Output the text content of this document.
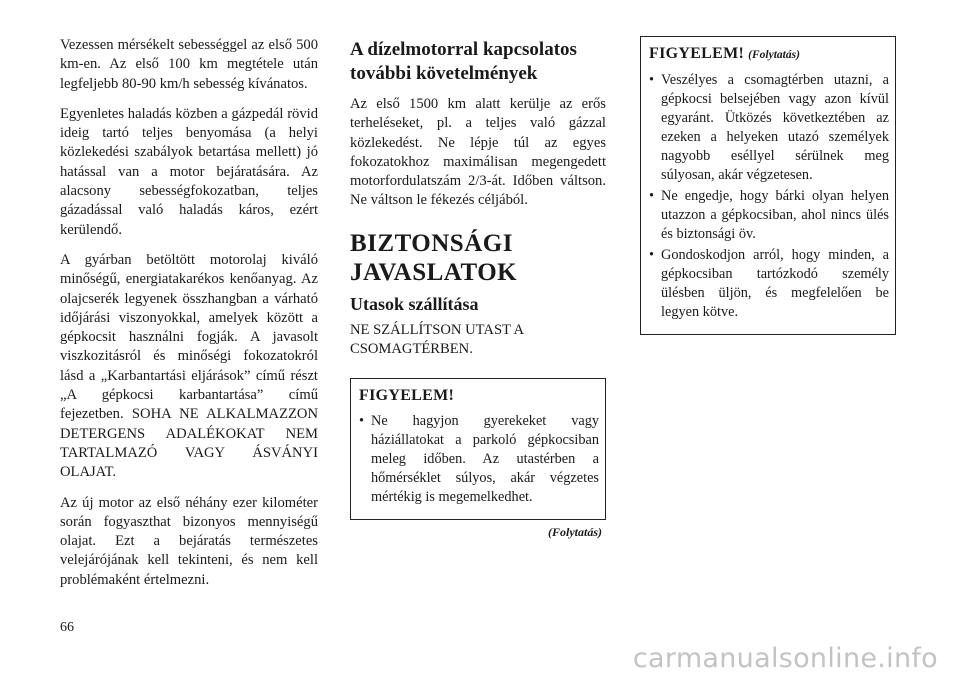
Vezessen mérsékelt sebességgel az első 500 km-en. Az első 100 km megtétele után legfeljebb 80-90 km/h sebesség kívánatos.

Egyenletes haladás közben a gázpedál rövid ideig tartó teljes benyomása (a helyi közlekedési szabályok betartása mellett) jó hatással van a motor bejáratására. Az alacsony sebességfokozatban, teljes gázadással való haladás káros, ezért kerülendő.

A gyárban betöltött motorolaj kiváló minőségű, energiatakarékos kenőanyag. Az olajcserék legyenek összhangban a várható időjárási viszonyokkal, amelyek között a gépkocsit használni fogják. A javasolt viszkozitásról és minőségi fokozatokról lásd a „Karbantartási eljárások” című részt „A gépkocsi karbantartása” című fejezetben. SOHA NE ALKALMAZZON DETERGENS ADALÉKOKAT NEM TARTALMAZÓ VAGY ÁSVÁNYI OLAJAT.

Az új motor az első néhány ezer kilométer során fogyaszthat bizonyos mennyiségű olajat. Ezt a bejáratás természetes velejárójának kell tekinteni, és nem kell problémaként értelmezni.

A dízelmotorral kapcsolatos további követelmények

Az első 1500 km alatt kerülje az erős terheléseket, pl. a teljes való gázzal közlekedést. Ne lépje túl az egyes fokozatokhoz maximálisan megengedett motorfordulatszám 2/3-át. Időben váltson. Ne váltson le fékezés céljából.

BIZTONSÁGI JAVASLATOK
Utasok szállítása

NE SZÁLLÍTSON UTAST A CSOMAGTÉRBEN.

FIGYELEM!
• Ne hagyjon gyerekeket vagy háziállatokat a parkoló gépkocsiban meleg időben. Az utastérben a hőmérséklet súlyos, akár végzetes mértékig is megemelkedhet.
(Folytatás)
FIGYELEM! (Folytatás)
• Veszélyes a csomagtérben utazni, a gépkocsi belsejében vagy azon kívül egyaránt. Ütközés következtében az ezeken a helyeken utazó személyek nagyobb eséllyel sérülnek meg súlyosan, akár végzetesen.
• Ne engedje, hogy bárki olyan helyen utazzon a gépkocsiban, ahol nincs ülés és biztonsági öv.
• Gondoskodjon arról, hogy minden, a gépkocsiban tartózkodó személy ülésben üljön, és megfelelően be legyen kötve.
66
carmanualsonline.info
